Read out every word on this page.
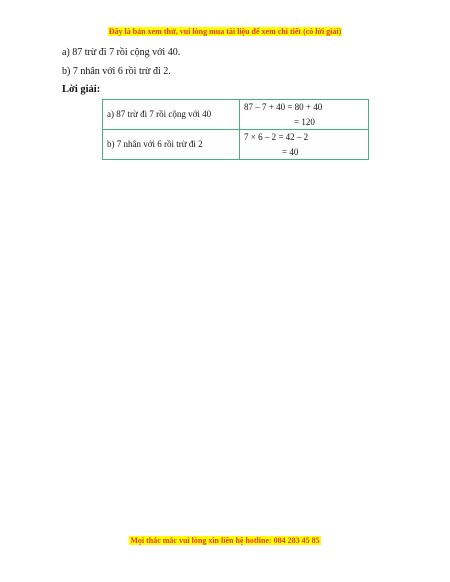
Đây là bản xem thử, vui lòng mua tài liệu để xem chi tiết (có lời giải)
a) 87 trừ đi 7 rồi cộng với 40.
b) 7 nhân với 6 rồi trừ đi 2.
Lời giải:
a) 87 trừ đi 7 rồi cộng với 40	87 – 7 + 40 = 80 + 40
= 120

b) 7 nhân với 6 rồi trừ đi 2	7 × 6 – 2 = 42 – 2
= 40
Mọi thắc mắc vui lòng xin liên hệ hotline: 084 283 45 85
